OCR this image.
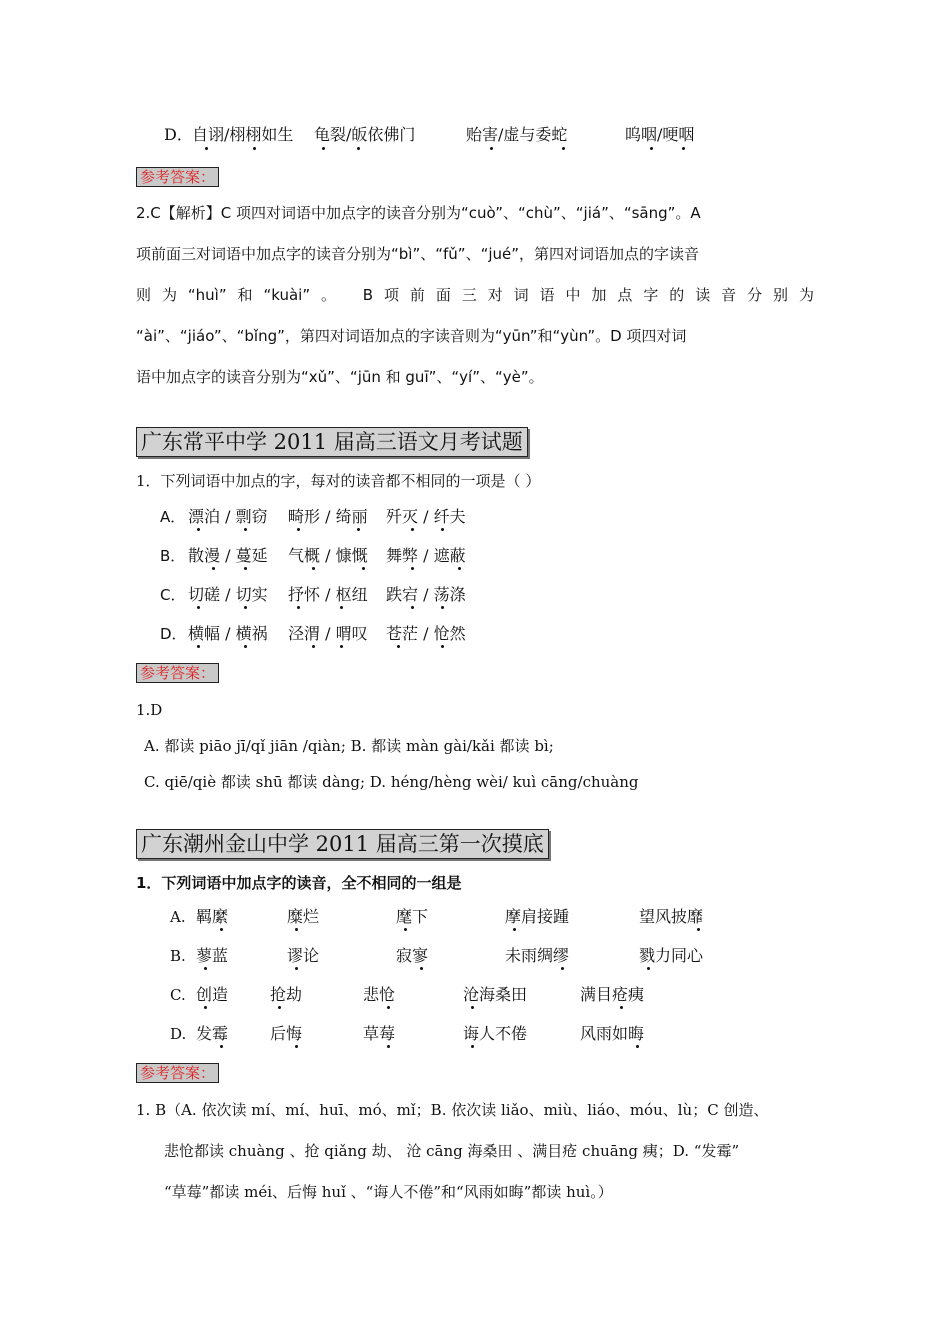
D． 自诩/栩栩如生 龟裂/皈依佛门	贻害/虚与委蛇	呜咽/哽咽
参考答案：
2.C【解析】C 项四对词语中加点字的读音分别为“cuò”、“chù”、“jiá”、“sāng”。A
项前面三对词语中加点字的读音分别为“bì”、“fǔ”、“jué”，第四对词语加点的字读音
则为“huì”和“kuài”。 B项前面三对词语中加点字的读音分别为
“ài”、“jiáo”、“bǐng”，第四对词语加点的字读音则为“yūn”和“yùn”。D 项四对词
语中加点字的读音分别为“xǔ”、“jūn 和 guī”、“yí”、“yè”。
广东常平中学 2011 届高三语文月考试题
1．下列词语中加点的字，每对的读音都不相同的一项是（ ）
A． 漂泊 / 剽窃 畸形 / 绮丽 歼灭 / 纤夫
B． 散漫 / 蔓延 气概 / 慷慨 舞弊 / 遮蔽
C． 切磋 / 切实 抒怀 / 枢纽 跌宕 / 荡涤
D． 横幅 / 横祸 泾渭 / 喟叹 苍茫 / 怆然
参考答案：
1.D
A. 都读 piāo jī/qǐ jiān /qiàn; B. 都读 màn gài/kǎi 都读 bì;
C. qiē/qiè 都读 shū 都读 dàng; D. héng/hèng wèi/ kuì cāng/chuàng
广东潮州金山中学 2011 届高三第一次摸底
1．下列词语中加点字的读音，全不相同的一组是
A. 羁縻	糜烂	麾下	摩肩接踵	望风披靡
B. 蓼蓝	谬论	寂寥	未雨绸缪	戮力同心
C. 创造	抢劫	悲怆	沧海桑田	满目疮痍
D. 发霉	后悔	草莓	诲人不倦	风雨如晦
参考答案：
1. B（A. 依次读 mí、mí、huī、mó、mǐ；B. 依次读 liǎo、miù、liáo、móu、lù；C 创造、
悲怆都读 chuàng 、抢 qiǎng 劫、 沧 cāng 海桑田 、满目疮 chuāng 痍；D. “发霉”
“草莓”都读 méi、后悔 huǐ 、“诲人不倦”和“风雨如晦”都读 huì。）
